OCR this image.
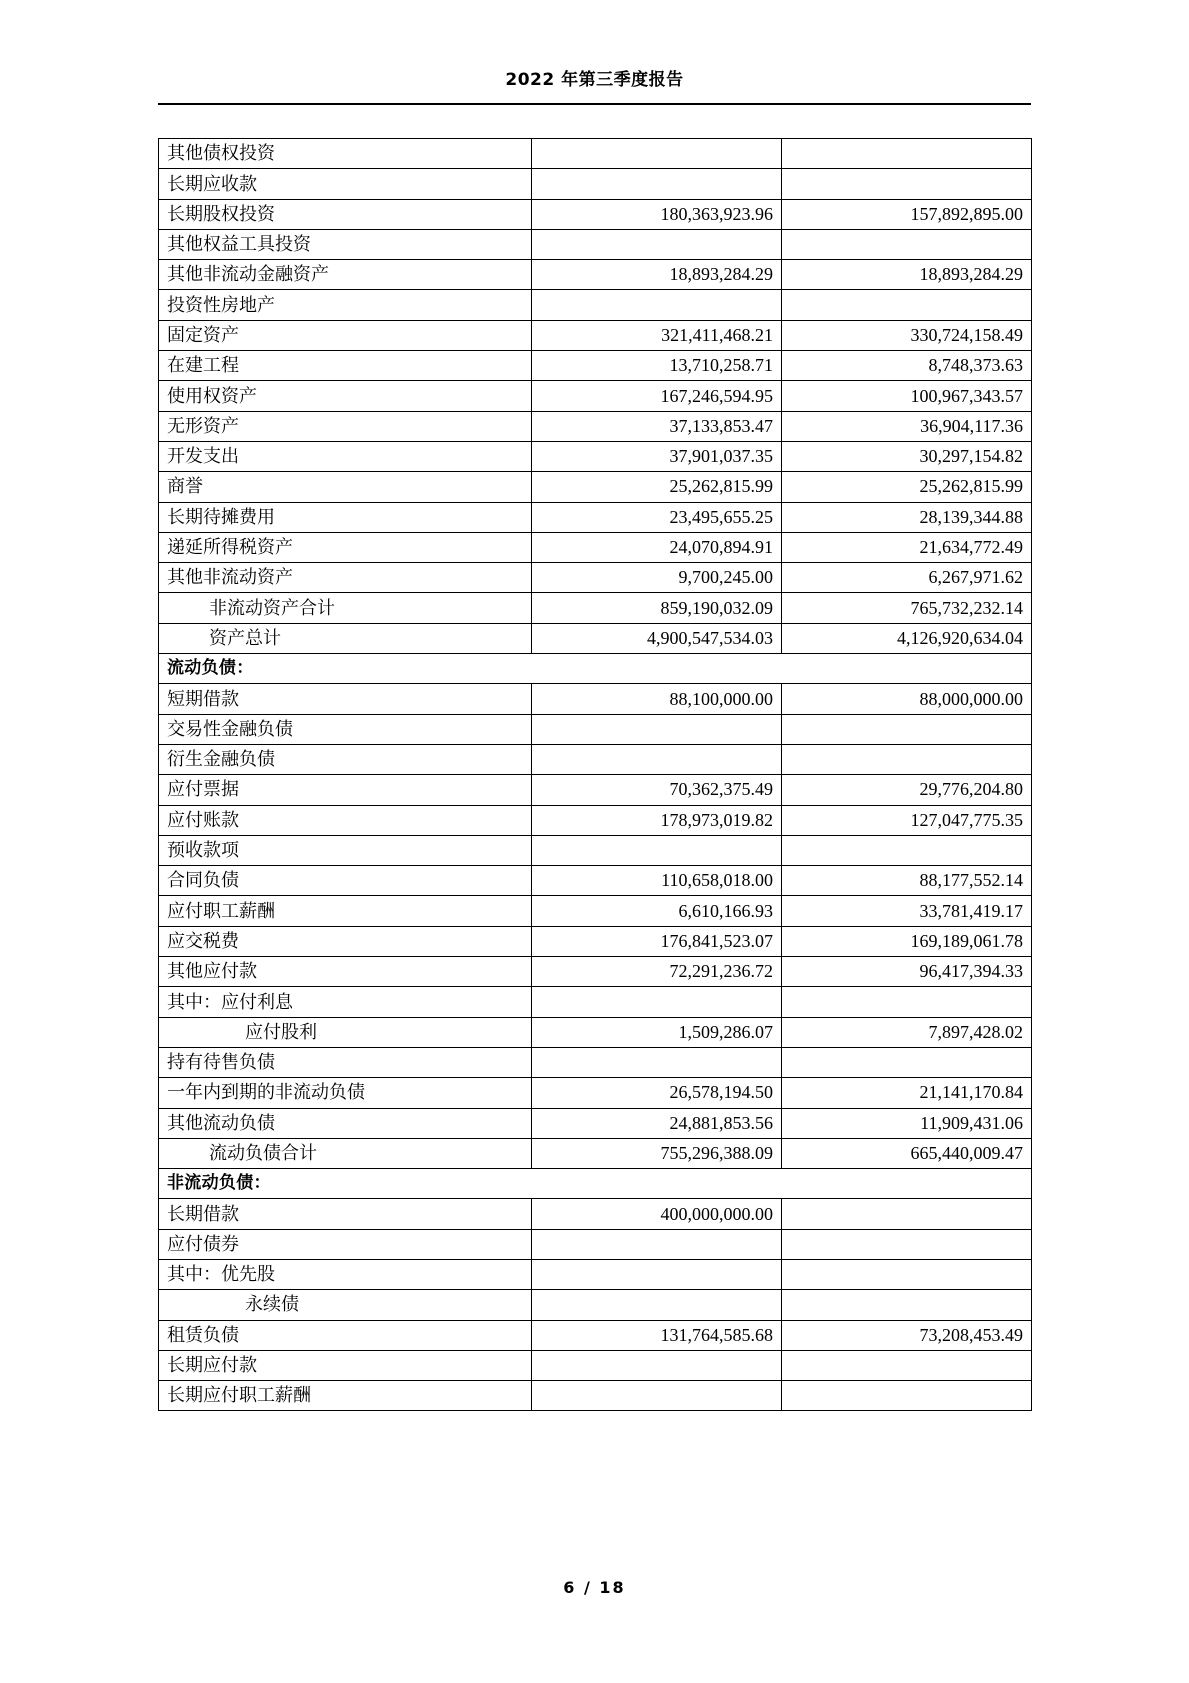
2022 年第三季度报告
其他债权投资		
长期应收款		
长期股权投资	180,363,923.96	157,892,895.00
其他权益工具投资		
其他非流动金融资产	18,893,284.29	18,893,284.29
投资性房地产		
固定资产	321,411,468.21	330,724,158.49
在建工程	13,710,258.71	8,748,373.63
使用权资产	167,246,594.95	100,967,343.57
无形资产	37,133,853.47	36,904,117.36
开发支出	37,901,037.35	30,297,154.82
商誉	25,262,815.99	25,262,815.99
长期待摊费用	23,495,655.25	28,139,344.88
递延所得税资产	24,070,894.91	21,634,772.49
其他非流动资产	9,700,245.00	6,267,971.62
非流动资产合计	859,190,032.09	765,732,232.14
资产总计	4,900,547,534.03	4,126,920,634.04
流动负债：		
短期借款	88,100,000.00	88,000,000.00
交易性金融负债		
衍生金融负债		
应付票据	70,362,375.49	29,776,204.80
应付账款	178,973,019.82	127,047,775.35
预收款项		
合同负债	110,658,018.00	88,177,552.14
应付职工薪酬	6,610,166.93	33,781,419.17
应交税费	176,841,523.07	169,189,061.78
其他应付款	72,291,236.72	96,417,394.33
其中：应付利息		
应付股利	1,509,286.07	7,897,428.02
持有待售负债		
一年内到期的非流动负债	26,578,194.50	21,141,170.84
其他流动负债	24,881,853.56	11,909,431.06
流动负债合计	755,296,388.09	665,440,009.47
非流动负债：		
长期借款	400,000,000.00	
应付债券		
其中：优先股		
永续债		
租赁负债	131,764,585.68	73,208,453.49
长期应付款		
长期应付职工薪酬		
6 / 18
